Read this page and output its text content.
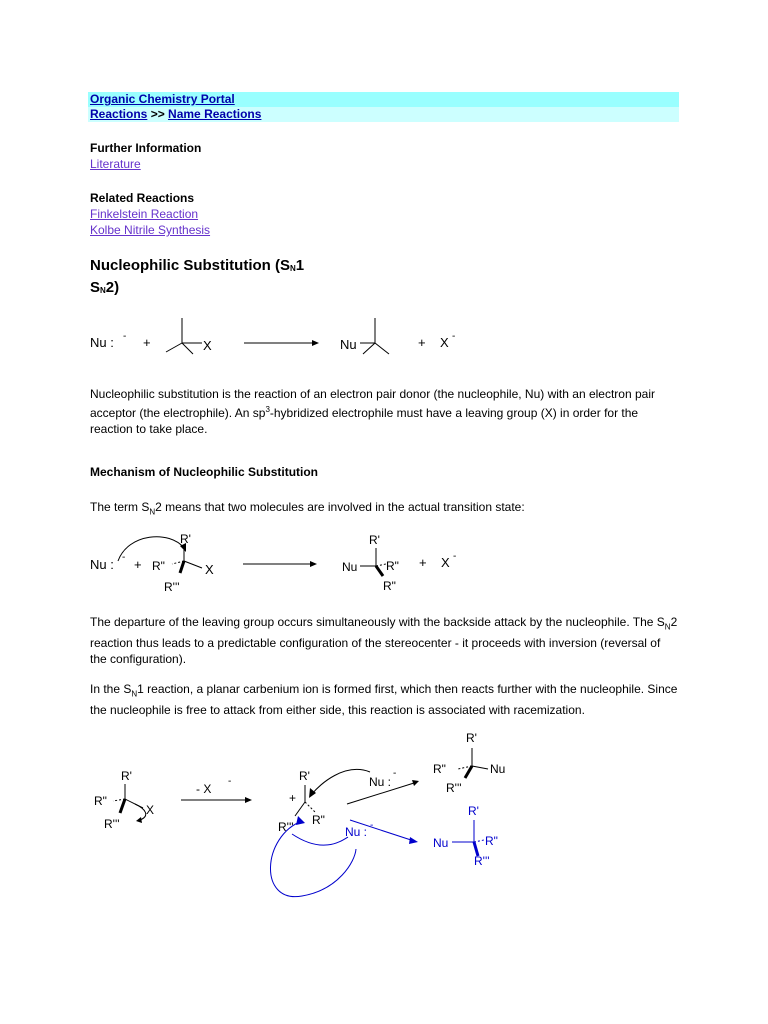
Organic Chemistry Portal
Reactions >> Name Reactions
Further Information
Literature
Related Reactions
Finkelstein Reaction
Kolbe Nitrile Synthesis
Nucleophilic Substitution ($S_N1$
$S_N2$)
Nu : - +	X	Nu	+ X -
Nucleophilic substitution is the reaction of an electron pair donor (the nucleophile, Nu) with an electron pair acceptor (the electrophile). An $sp^3$-hybridized electrophile must have a leaving group (X) in order for the reaction to take place.
Mechanism of Nucleophilic Substitution
The term $S_N2$ means that two molecules are involved in the actual transition state:
Nu : - +
R'
R"
R'''
X
R'
Nu R"
R"
+ X -
The departure of the leaving group occurs simultaneously with the backside attack by the nucleophile. The $S_N2$ reaction thus leads to a predictable configuration of the stereocenter - it proceeds with inversion (reversal of the configuration).
In the $S_N1$ reaction, a planar carbenium ion is formed first, which then reacts further with the nucleophile. Since the nucleophile is free to attack from either side, this reaction is associated with racemization.
R'
R"
R'''
X
- X
-	R'
+
R''' R"
Nu :
-
R'
R"
R'''
Nu
Nu : -
R'
Nu	R"
R'''
